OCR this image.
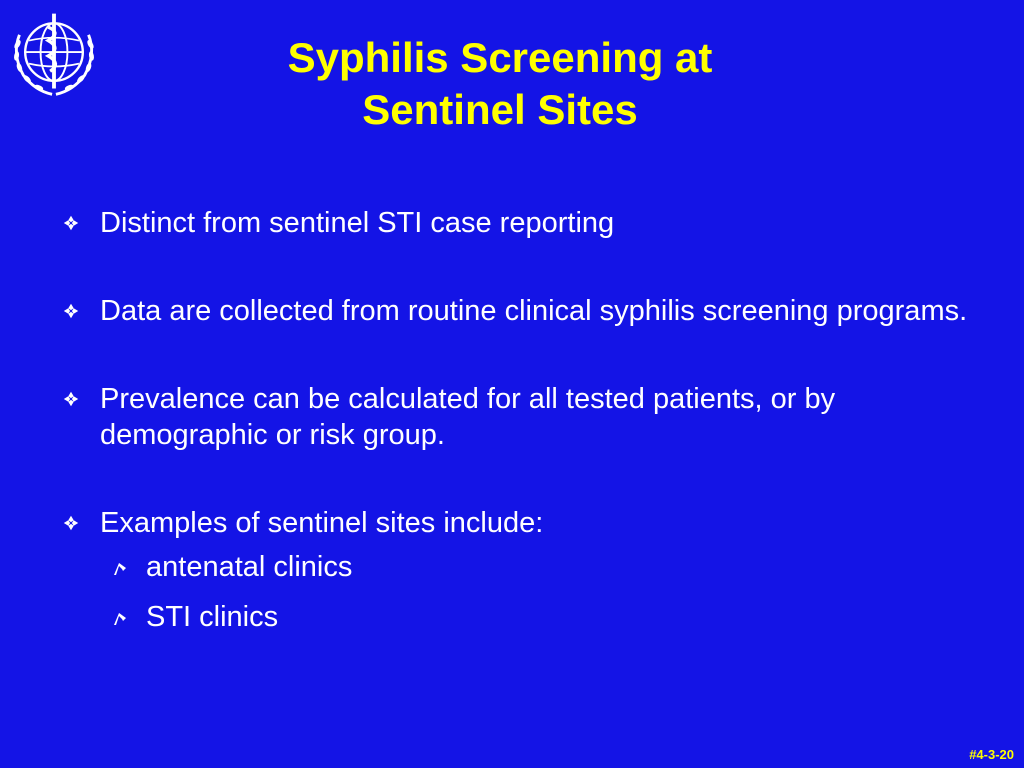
Syphilis Screening at
Sentinel Sites
Distinct from sentinel STI case reporting
Data are collected from routine clinical syphilis screening programs.
Prevalence can be calculated for all tested patients, or by demographic or risk group.
Examples of sentinel sites include:
antenatal clinics
STI clinics
#4-3-20
